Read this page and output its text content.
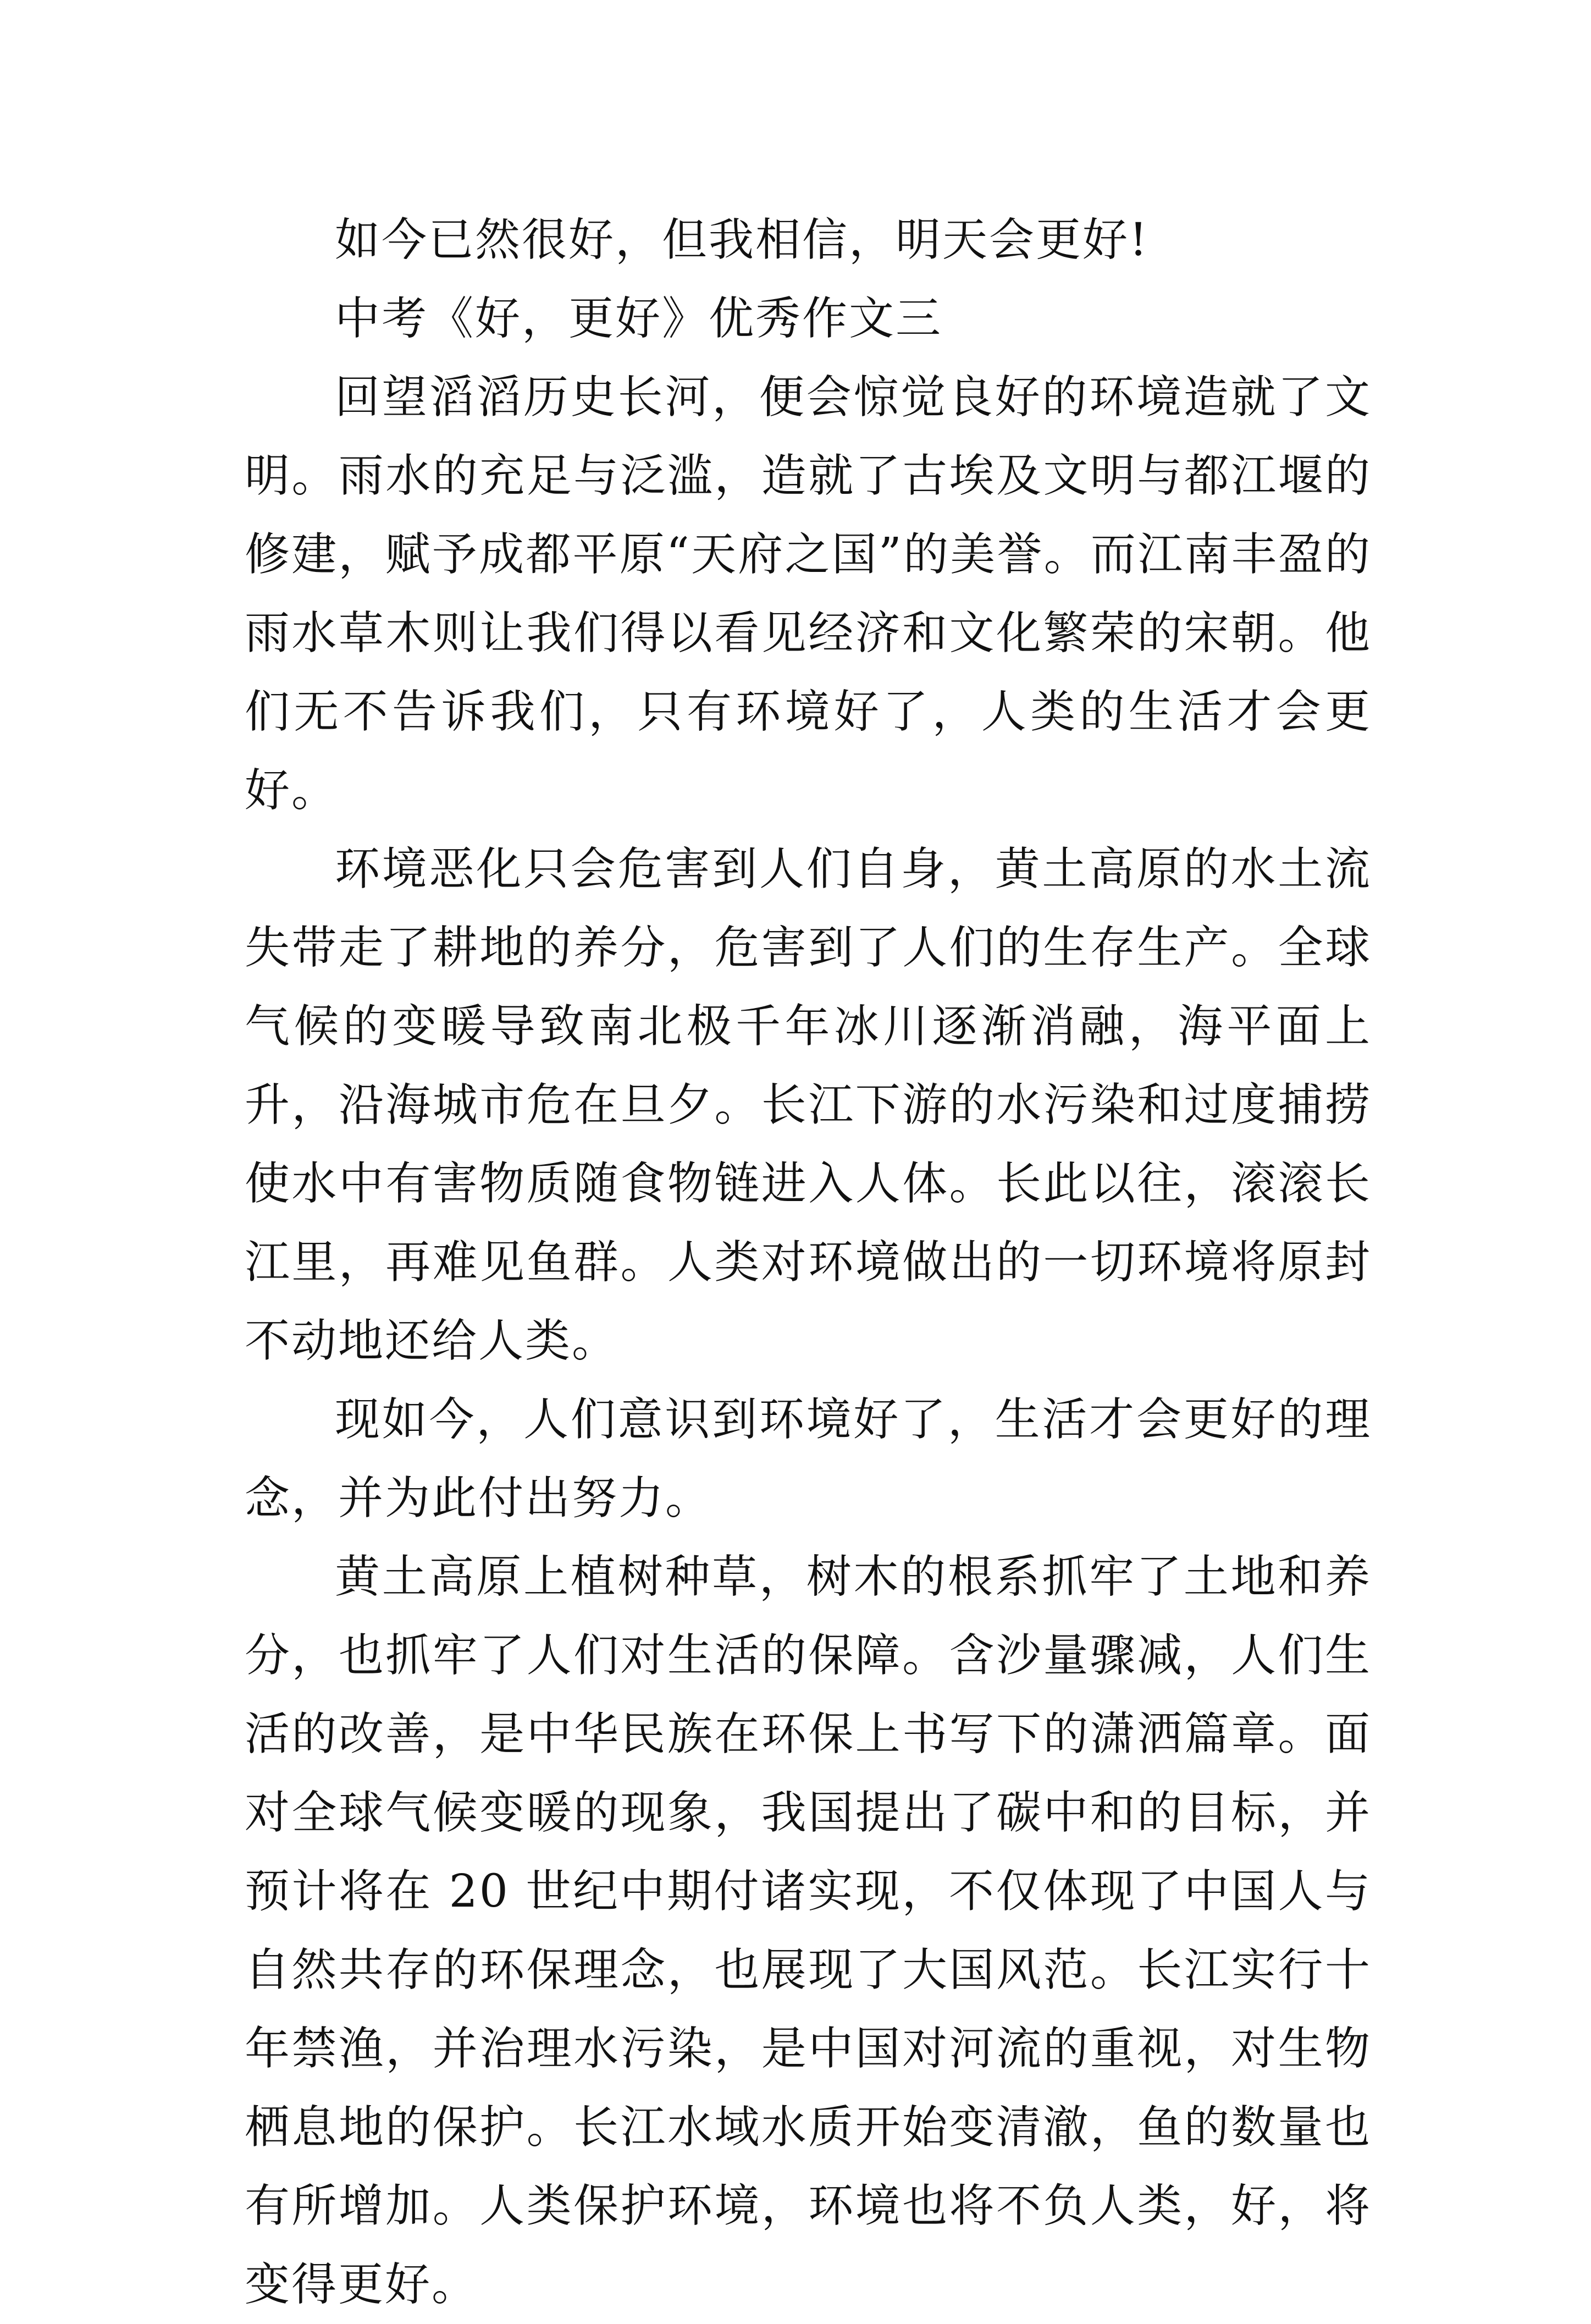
如今已然很好，但我相信，明天会更好!

中考《好，更好》优秀作文三

回望滔滔历史长河，便会惊觉良好的环境造就了文明。雨水的充足与泛滥，造就了古埃及文明与都江堰的修建，赋予成都平原“天府之国”的美誉。而江南丰盈的雨水草木则让我们得以看见经济和文化繁荣的宋朝。他们无不告诉我们，只有环境好了，人类的生活才会更好。

环境恶化只会危害到人们自身，黄土高原的水土流失带走了耕地的养分，危害到了人们的生存生产。全球气候的变暖导致南北极千年冰川逐渐消融，海平面上升，沿海城市危在旦夕。长江下游的水污染和过度捕捞使水中有害物质随食物链进入人体。长此以往，滚滚长江里，再难见鱼群。人类对环境做出的一切环境将原封不动地还给人类。

现如今，人们意识到环境好了，生活才会更好的理念，并为此付出努力。

黄土高原上植树种草，树木的根系抓牢了土地和养分，也抓牢了人们对生活的保障。含沙量骤减，人们生活的改善，是中华民族在环保上书写下的潇洒篇章。面对全球气候变暖的现象，我国提出了碳中和的目标，并预计将在 20 世纪中期付诸实现，不仅体现了中国人与自然共存的环保理念，也展现了大国风范。长江实行十年禁渔，并治理水污染，是中国对河流的重视，对生物栖息地的保护。长江水域水质开始变清澈，鱼的数量也有所增加。人类保护环境，环境也将不负人类，好，将变得更好。
